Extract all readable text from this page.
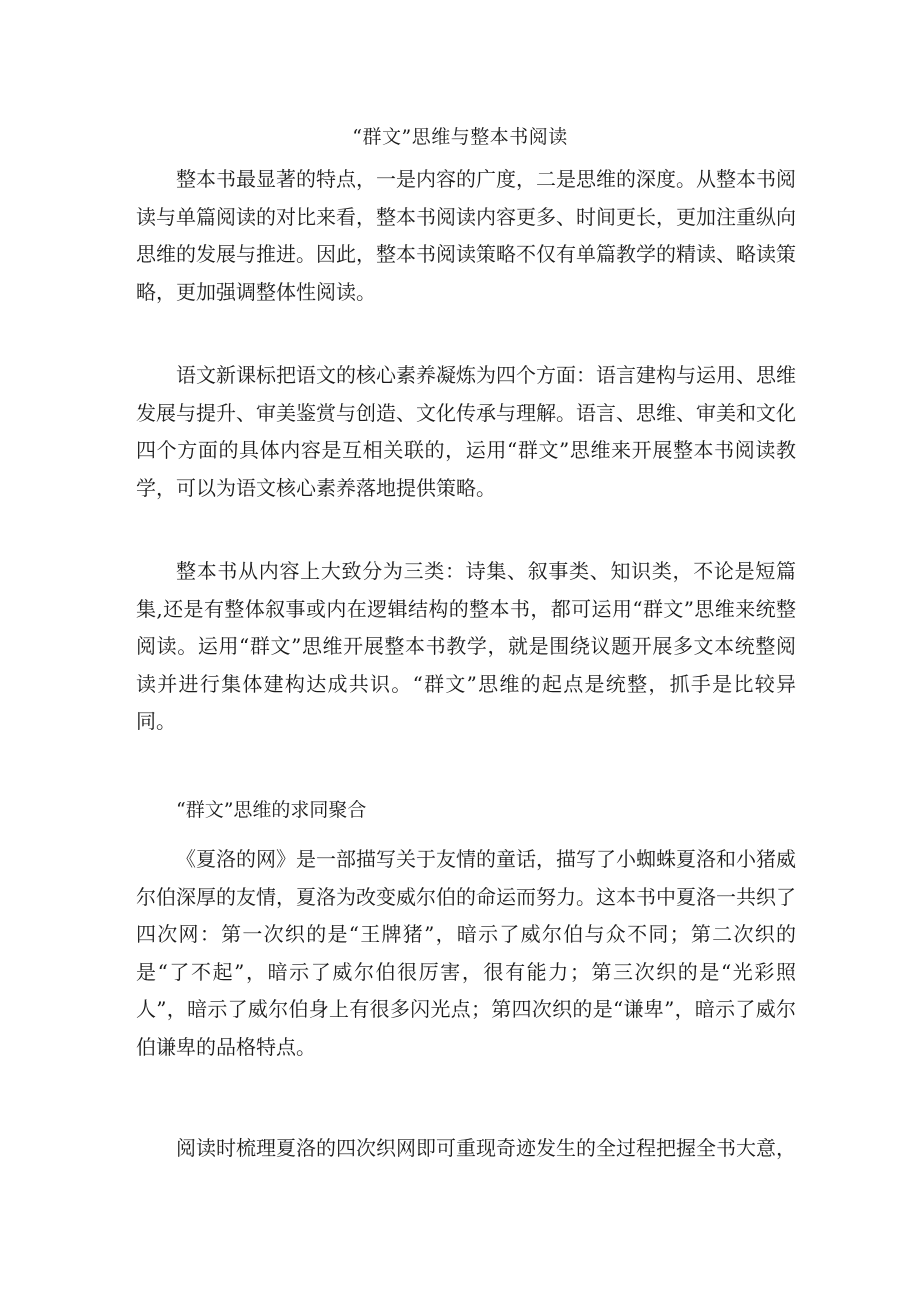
“群文”思维与整本书阅读

整本书最显著的特点，一是内容的广度，二是思维的深度。从整本书阅读与单篇阅读的对比来看，整本书阅读内容更多、时间更长，更加注重纵向思维的发展与推进。因此，整本书阅读策略不仅有单篇教学的精读、略读策略，更加强调整体性阅读。

语文新课标把语文的核心素养凝炼为四个方面：语言建构与运用、思维发展与提升、审美鉴赏与创造、文化传承与理解。语言、思维、审美和文化四个方面的具体内容是互相关联的，运用“群文”思维来开展整本书阅读教学，可以为语文核心素养落地提供策略。

整本书从内容上大致分为三类：诗集、叙事类、知识类，不论是短篇集,还是有整体叙事或内在逻辑结构的整本书，都可运用“群文”思维来统整阅读。运用“群文”思维开展整本书教学，就是围绕议题开展多文本统整阅读并进行集体建构达成共识。“群文”思维的起点是统整，抓手是比较异同。

“群文”思维的求同聚合

《夏洛的网》是一部描写关于友情的童话，描写了小蜘蛛夏洛和小猪威尔伯深厚的友情，夏洛为改变威尔伯的命运而努力。这本书中夏洛一共织了四次网：第一次织的是“王牌猪”，暗示了威尔伯与众不同；第二次织的是“了不起”，暗示了威尔伯很厉害，很有能力；第三次织的是“光彩照人”，暗示了威尔伯身上有很多闪光点；第四次织的是“谦卑”，暗示了威尔伯谦卑的品格特点。

阅读时梳理夏洛的四次织网即可重现奇迹发生的全过程把握全书大意，
